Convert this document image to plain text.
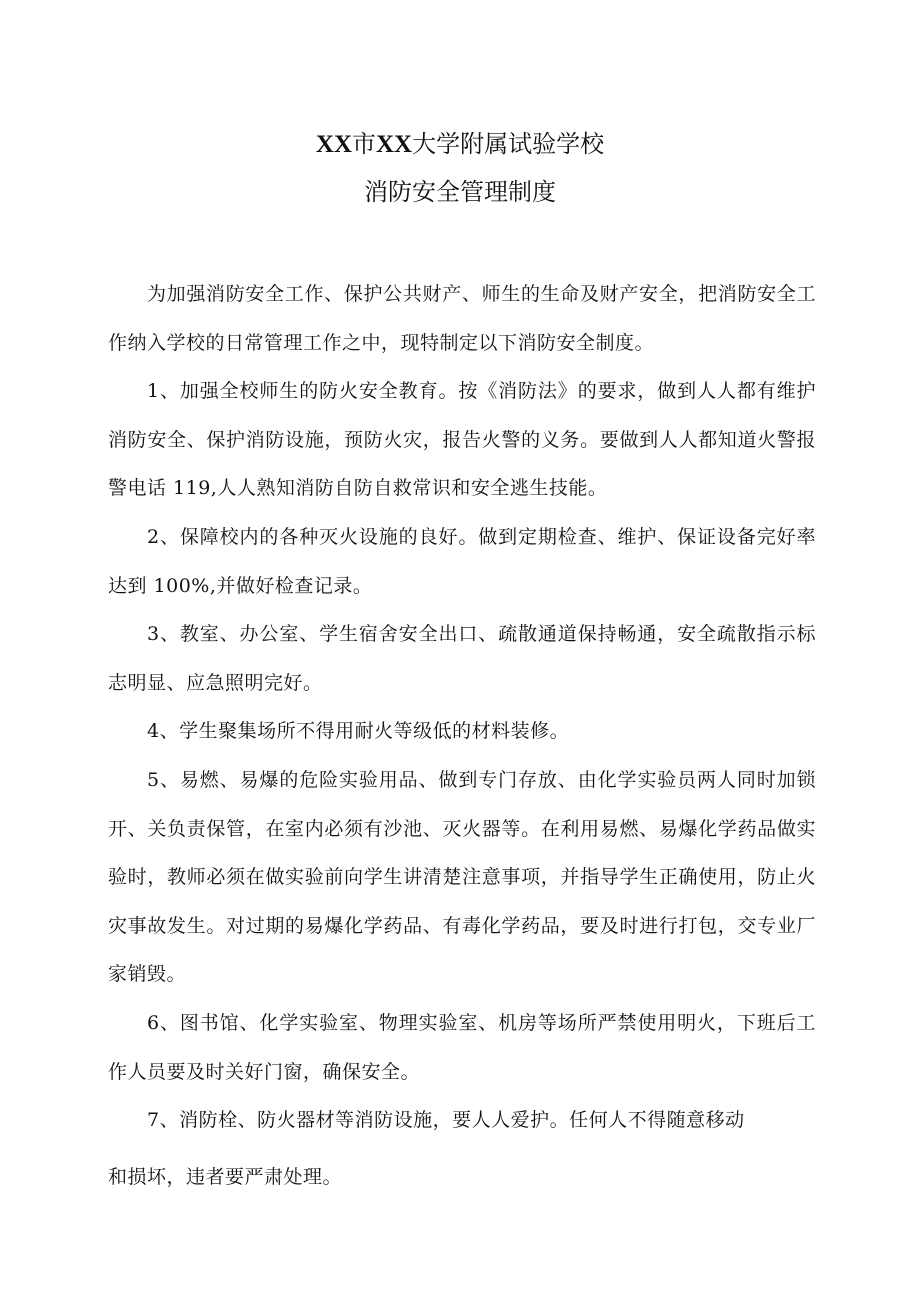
XX市XX大学附属试验学校
消防安全管理制度

为加强消防安全工作、保护公共财产、师生的生命及财产安全，把消防安全工作纳入学校的日常管理工作之中，现特制定以下消防安全制度。

1、加强全校师生的防火安全教育。按《消防法》的要求，做到人人都有维护消防安全、保护消防设施，预防火灾，报告火警的义务。要做到人人都知道火警报警电话 119,人人熟知消防自防自救常识和安全逃生技能。

2、保障校内的各种灭火设施的良好。做到定期检查、维护、保证设备完好率达到 100%,并做好检查记录。

3、教室、办公室、学生宿舍安全出口、疏散通道保持畅通，安全疏散指示标志明显、应急照明完好。

4、学生聚集场所不得用耐火等级低的材料装修。

5、易燃、易爆的危险实验用品、做到专门存放、由化学实验员两人同时加锁开、关负责保管，在室内必须有沙池、灭火器等。在利用易燃、易爆化学药品做实验时，教师必须在做实验前向学生讲清楚注意事项，并指导学生正确使用，防止火灾事故发生。对过期的易爆化学药品、有毒化学药品，要及时进行打包，交专业厂家销毁。

6、图书馆、化学实验室、物理实验室、机房等场所严禁使用明火，下班后工作人员要及时关好门窗，确保安全。

7、消防栓、防火器材等消防设施，要人人爱护。任何人不得随意移动

和损坏，违者要严肃处理。
